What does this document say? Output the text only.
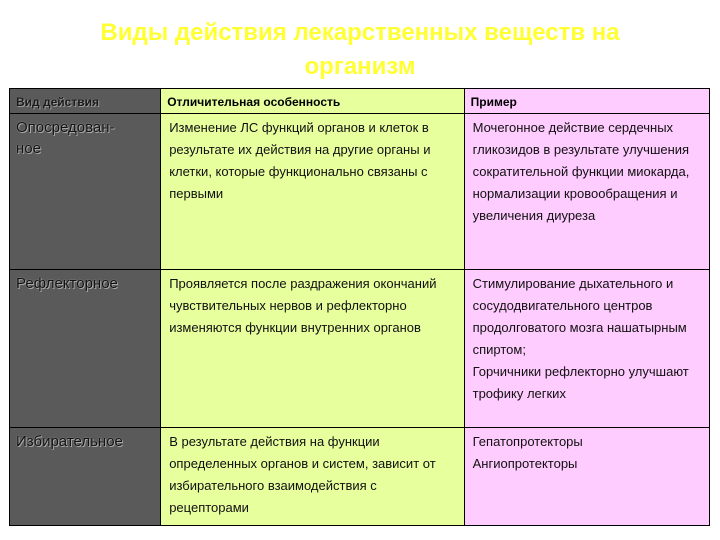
Виды действия лекарственных веществ на
организм
Вид действия	Отличительная особенность	Пример

Опосредован-
ное	Изменение ЛС функций органов и клеток в результате их действия на другие органы и клетки, которые функционально связаны с первыми	Мочегонное действие сердечных гликозидов в результате улучшения сократительной функции миокарда, нормализации кровообращения и увеличения диуреза

Рефлекторное	Проявляется после раздражения окончаний чувствительных нервов и рефлекторно изменяются функции внутренних органов	Стимулирование дыхательного и сосудодвигательного центров продолговатого мозга нашатырным спиртом;
Горчичники рефлекторно улучшают трофику легких

Избирательное	В результате действия на функции определенных органов и систем, зависит от избирательного взаимодействия с рецепторами	Гепатопротекторы
Ангиопротекторы
